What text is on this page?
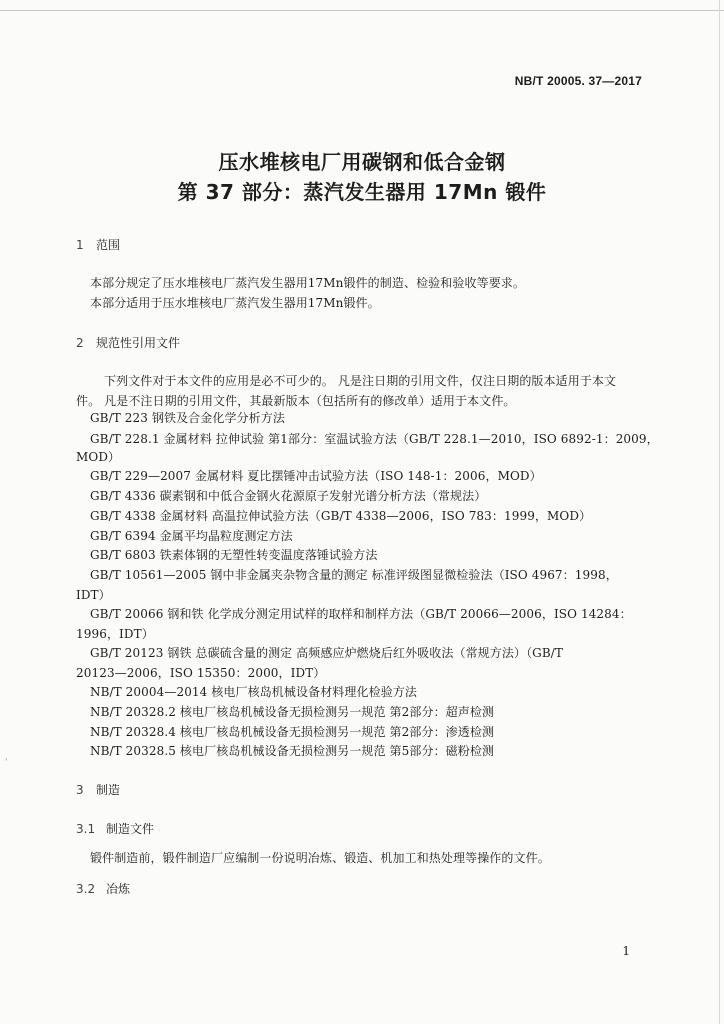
NB/T 20005. 37—2017
压水堆核电厂用碳钢和低合金钢
第 37 部分：蒸汽发生器用 17Mn 锻件
1 范围
本部分规定了压水堆核电厂蒸汽发生器用17Mn锻件的制造、检验和验收等要求。
本部分适用于压水堆核电厂蒸汽发生器用17Mn锻件。
2 规范性引用文件
下列文件对于本文件的应用是必不可少的。 凡是注日期的引用文件，仅注日期的版本适用于本文
件。 凡是不注日期的引用文件，其最新版本（包括所有的修改单）适用于本文件。
GB/T 223 钢铁及合金化学分析方法
GB/T 228.1 金属材料 拉伸试验 第1部分：室温试验方法（GB/T 228.1—2010，ISO 6892-1：2009，
MOD）
GB/T 229—2007 金属材料 夏比摆锤冲击试验方法（ISO 148-1：2006，MOD）
GB/T 4336 碳素钢和中低合金钢火花源原子发射光谱分析方法（常规法）
GB/T 4338 金属材料 高温拉伸试验方法（GB/T 4338—2006，ISO 783：1999，MOD）
GB/T 6394 金属平均晶粒度测定方法
GB/T 6803 铁素体钢的无塑性转变温度落锤试验方法
GB/T 10561—2005 钢中非金属夹杂物含量的测定 标准评级图显微检验法（ISO 4967：1998，
IDT）
GB/T 20066 钢和铁 化学成分测定用试样的取样和制样方法（GB/T 20066—2006，ISO 14284：
1996，IDT）
GB/T 20123 钢铁 总碳硫含量的测定 高频感应炉燃烧后红外吸收法（常规方法）（GB/T
20123—2006，ISO 15350：2000，IDT）
NB/T 20004—2014 核电厂核岛机械设备材料理化检验方法
NB/T 20328.2 核电厂核岛机械设备无损检测另一规范 第2部分：超声检测
NB/T 20328.4 核电厂核岛机械设备无损检测另一规范 第2部分：渗透检测
NB/T 20328.5 核电厂核岛机械设备无损检测另一规范 第5部分：磁粉检测
'
3 制造
3.1 制造文件
锻件制造前，锻件制造厂应编制一份说明冶炼、锻造、机加工和热处理等操作的文件。
3.2 冶炼
1
